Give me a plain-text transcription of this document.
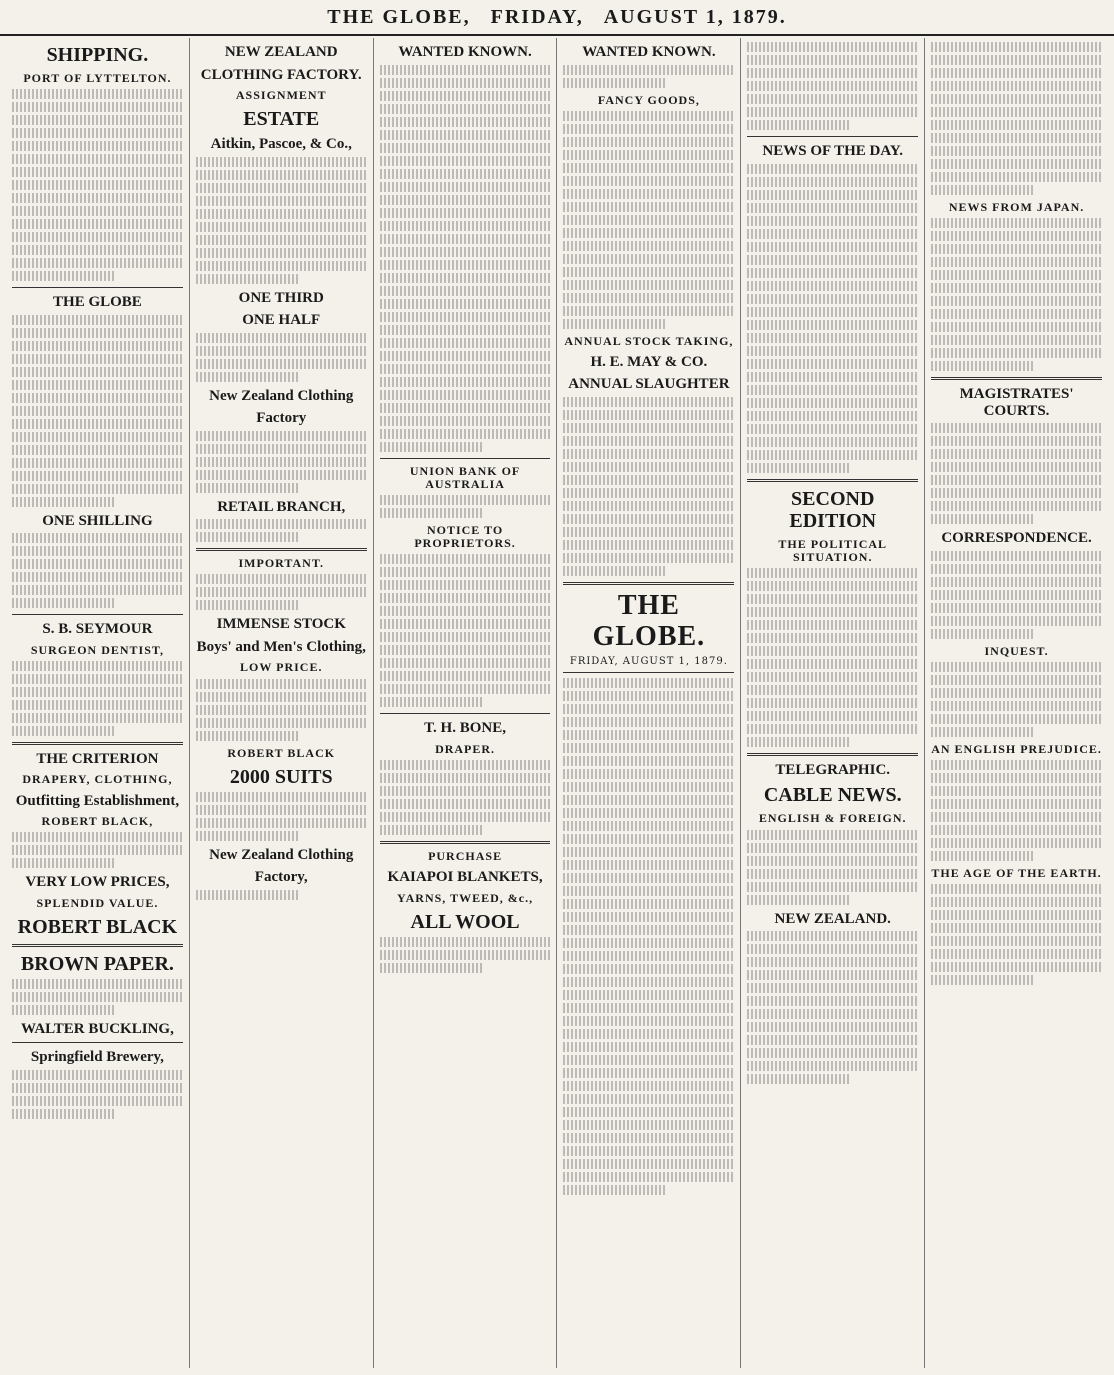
THE GLOBE, FRIDAY, AUGUST 1, 1879.
SHIPPING.
PORT OF LYTTELTON.
THE GLOBE
ONE SHILLING
S. B. SEYMOUR
SURGEON DENTIST,
THE CRITERION
DRAPERY, CLOTHING,
Outfitting Establishment,
ROBERT BLACK,
VERY LOW PRICES,
SPLENDID VALUE.
ROBERT BLACK
BROWN PAPER.
WALTER BUCKLING,
Springfield Brewery,
NEW ZEALAND
CLOTHING FACTORY.
ASSIGNMENT
ESTATE
Aitkin, Pascoe, & Co.,
ONE THIRD
ONE HALF
New Zealand Clothing
Factory
RETAIL BRANCH,
IMPORTANT.
IMMENSE STOCK
Boys' and Men's Clothing,
LOW PRICE.
ROBERT BLACK
2000 SUITS
New Zealand Clothing
Factory,
WANTED KNOWN.
UNION BANK OF AUSTRALIA
NOTICE TO PROPRIETORS.
T. H. BONE,
DRAPER.
PURCHASE
KAIAPOI BLANKETS,
YARNS, TWEED, &c.,
ALL WOOL
WANTED KNOWN.
FANCY GOODS,
ANNUAL STOCK TAKING,
H. E. MAY & CO.
ANNUAL SLAUGHTER
THE GLOBE.
FRIDAY, AUGUST 1, 1879.
NEWS OF THE DAY.
SECOND EDITION
THE POLITICAL SITUATION.
TELEGRAPHIC.
CABLE NEWS.
ENGLISH & FOREIGN.
NEW ZEALAND.
NEWS FROM JAPAN.
MAGISTRATES' COURTS.
CORRESPONDENCE.
INQUEST.
AN ENGLISH PREJUDICE.
THE AGE OF THE EARTH.
